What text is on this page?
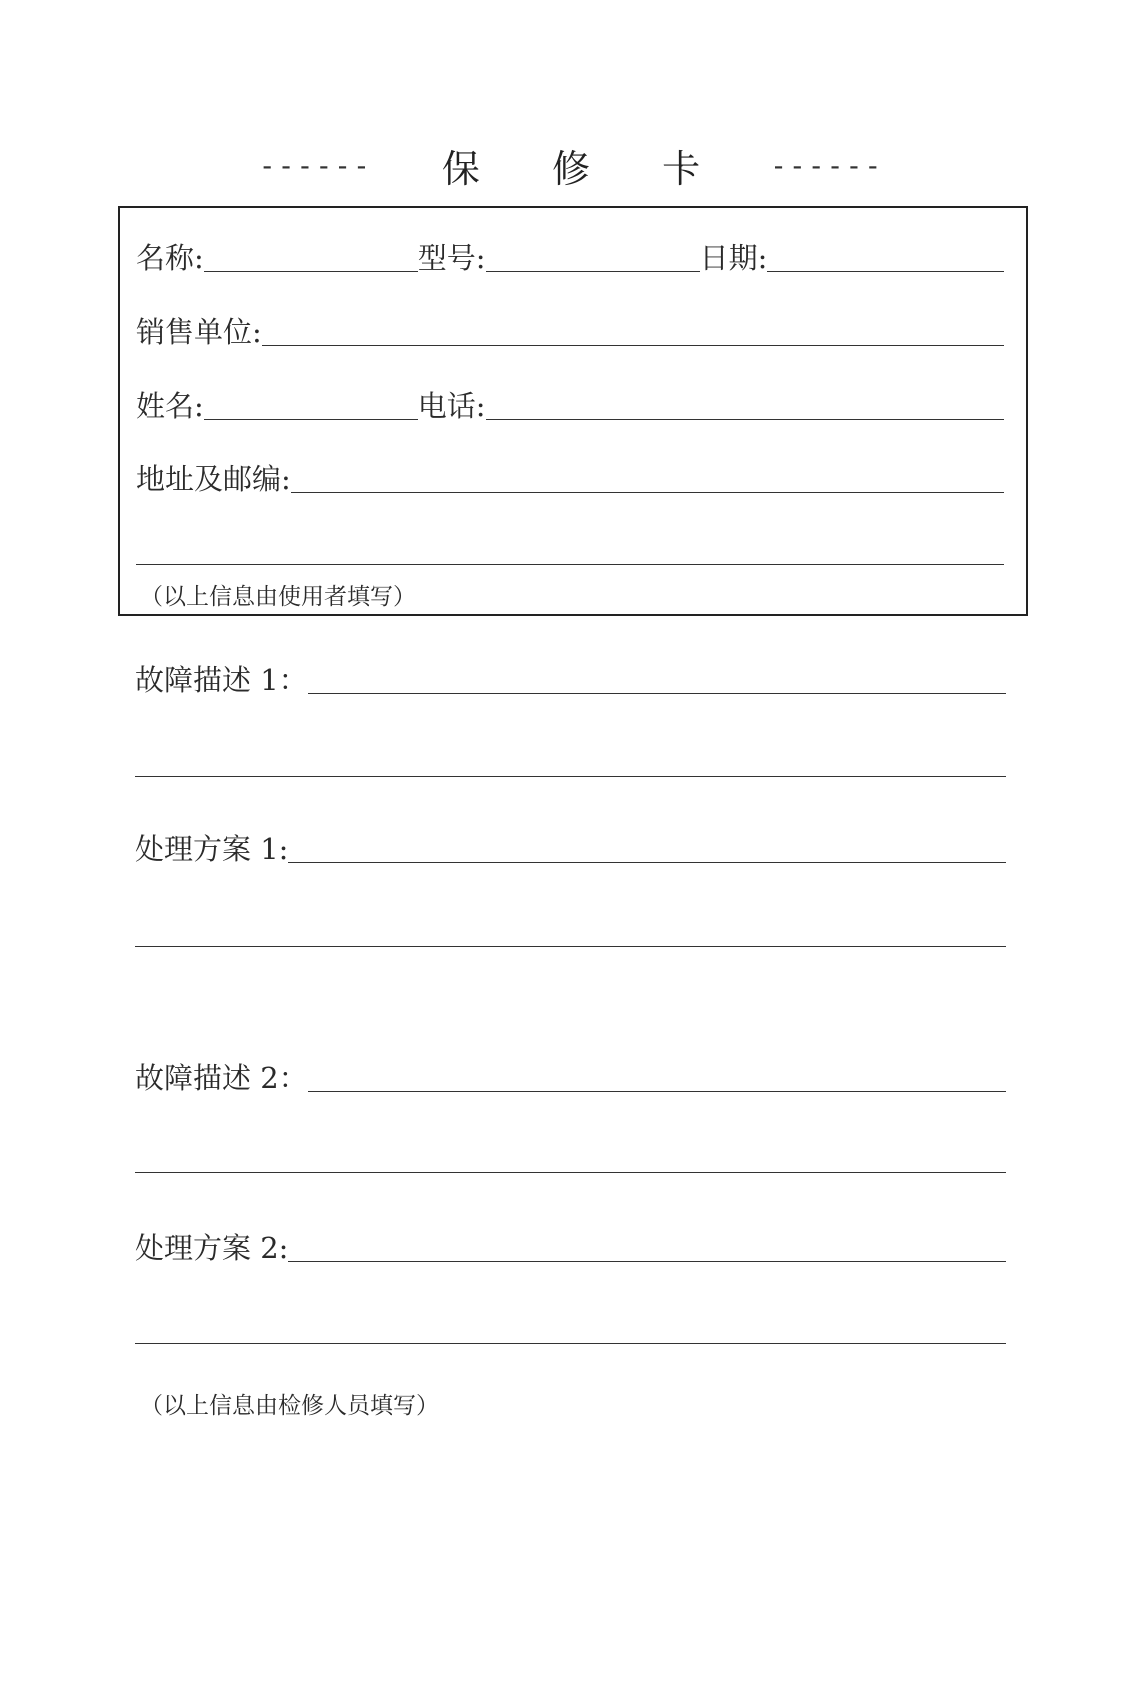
------	保 修 卡 ------
名称:	型号:	日期:
销售单位:
姓名:	电话:
地址及邮编:
（以上信息由使用者填写）
故障描述 1：
处理方案 1:
故障描述 2：
处理方案 2:
（以上信息由检修人员填写）
